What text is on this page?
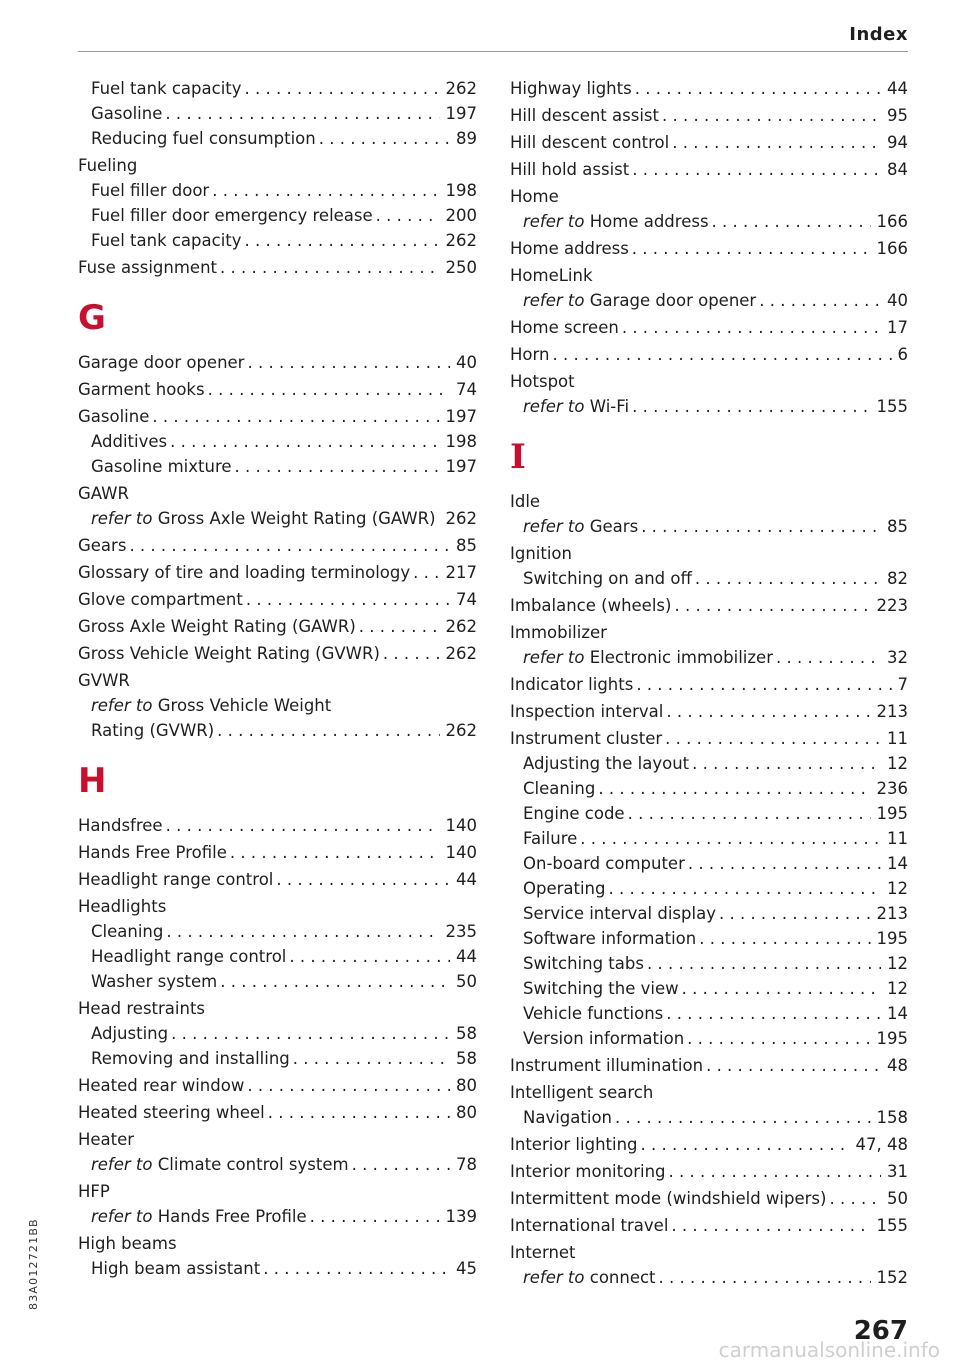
Index
Fuel tank capacity . . .	262
Gasoline . . .	197
Reducing fuel consumption . . .	89
Fueling
Fuel filler door . . .	198
Fuel filler door emergency release . . .	200
Fuel tank capacity . . .	262
Fuse assignment . . .	250
G
Garage door opener . . .	40
Garment hooks . . .	74
Gasoline . . .	197
Additives . . .	198
Gasoline mixture . . .	197
GAWR
refer to Gross Axle Weight Rating (GAWR) . . . 262
Gears . . .	85
Glossary of tire and loading terminology . . . 217
Glove compartment . . .	74
Gross Axle Weight Rating (GAWR) . . .	262
Gross Vehicle Weight Rating (GVWR) . . .	262
GVWR
refer to Gross Vehicle Weight
Rating (GVWR) . . .	262
H
Handsfree . . .	140
Hands Free Profile . . .	140
Headlight range control . . .	44
Headlights
Cleaning . . .	235
Headlight range control . . .	44
Washer system . . .	50
Head restraints
Adjusting . . .	58
Removing and installing . . .	58
Heated rear window . . .	80
Heated steering wheel . . .	80
Heater
refer to Climate control system . . .	78
HFP
refer to Hands Free Profile . . .	139
High beams
High beam assistant . . .	45
Highway lights . . .	44
Hill descent assist . . .	95
Hill descent control . . .	94
Hill hold assist . . .	84
Home
refer to Home address . . .	166
Home address . . .	166
HomeLink
refer to Garage door opener . . .	40
Home screen . . .	17
Horn . . .	6
Hotspot
refer to Wi-Fi . . .	155
I
Idle
refer to Gears . . .	85
Ignition
Switching on and off . . .	82
Imbalance (wheels) . . .	223
Immobilizer
refer to Electronic immobilizer . . .	32
Indicator lights . . .	7
Inspection interval . . .	213
Instrument cluster . . .	11
Adjusting the layout . . .	12
Cleaning . . .	236
Engine code . . .	195
Failure . . .	11
On-board computer . . .	14
Operating . . .	12
Service interval display . . .	213
Software information . . .	195
Switching tabs . . .	12
Switching the view . . .	12
Vehicle functions . . .	14
Version information . . .	195
Instrument illumination . . .	48
Intelligent search
Navigation . . .	158
Interior lighting . . .	47, 48
Interior monitoring . . .	31
Intermittent mode (windshield wipers) . . .	50
International travel . . .	155
Internet
refer to connect . . .	152
83A012721BB
267
carmanualsonline.info
